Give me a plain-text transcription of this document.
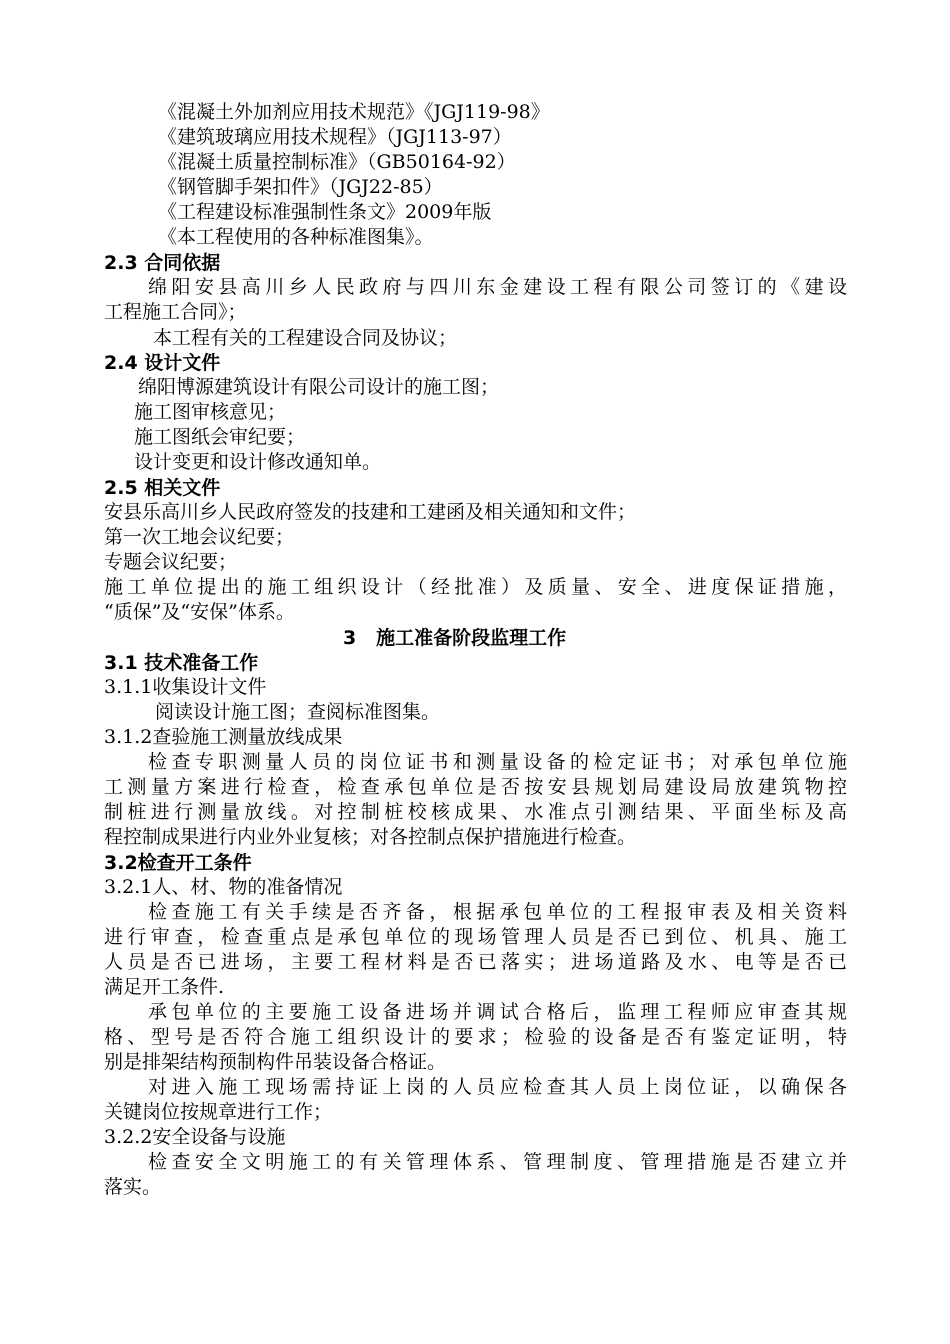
《混凝土外加剂应用技术规范》《JGJ119-98》
《建筑玻璃应用技术规程》（JGJ113-97）
《混凝土质量控制标准》（GB50164-92）
《钢管脚手架扣件》（JGJ22-85）
《工程建设标准强制性条文》2009年版
《本工程使用的各种标准图集》。
2.3 合同依据
绵阳安县高川乡人民政府与四川东金建设工程有限公司签订的《建设
工程施工合同》；
本工程有关的工程建设合同及协议；
2.4 设计文件
绵阳博源建筑设计有限公司设计的施工图；
施工图审核意见；
施工图纸会审纪要；
设计变更和设计修改通知单。
2.5 相关文件
安县乐高川乡人民政府签发的技建和工建函及相关通知和文件；
第一次工地会议纪要；
专题会议纪要；
施工单位提出的施工组织设计（经批准）及质量、安全、进度保证措施，
“质保”及“安保”体系。
3   施工准备阶段监理工作
3.1 技术准备工作
3.1.1收集设计文件
阅读设计施工图；查阅标准图集。
3.1.2查验施工测量放线成果
检查专职测量人员的岗位证书和测量设备的检定证书；对承包单位施
工测量方案进行检查，检查承包单位是否按安县规划局建设局放建筑物控
制桩进行测量放线。对控制桩校核成果、水准点引测结果、平面坐标及高
程控制成果进行内业外业复核；对各控制点保护措施进行检查。
3.2检查开工条件
3.2.1人、材、物的准备情况
检查施工有关手续是否齐备，根据承包单位的工程报审表及相关资料
进行审查，检查重点是承包单位的现场管理人员是否已到位、机具、施工
人员是否已进场，主要工程材料是否已落实；进场道路及水、电等是否已
满足开工条件.
承包单位的主要施工设备进场并调试合格后，监理工程师应审查其规
格、型号是否符合施工组织设计的要求；检验的设备是否有鉴定证明，特
别是排架结构预制构件吊装设备合格证。
对进入施工现场需持证上岗的人员应检查其人员上岗位证，以确保各
关键岗位按规章进行工作；
3.2.2安全设备与设施
检查安全文明施工的有关管理体系、管理制度、管理措施是否建立并
落实。
